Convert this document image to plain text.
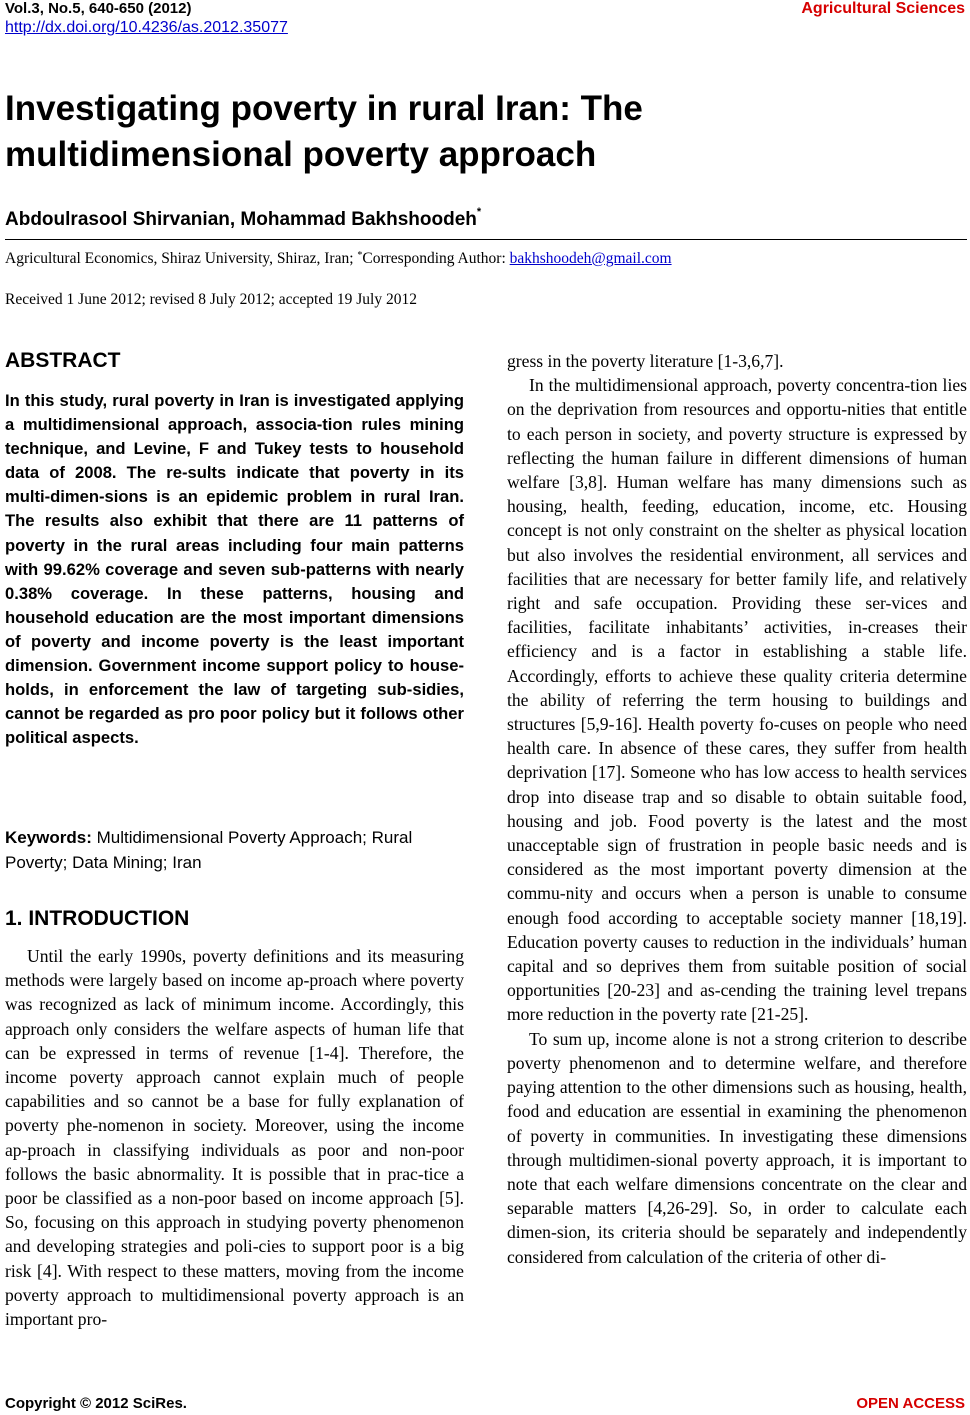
Vol.3, No.5, 640-650 (2012)
http://dx.doi.org/10.4236/as.2012.35077
Agricultural Sciences
Investigating poverty in rural Iran: The
multidimensional poverty approach
Abdoulrasool Shirvanian, Mohammad Bakhshoodeh*
Agricultural Economics, Shiraz University, Shiraz, Iran; *Corresponding Author: bakhshoodeh@gmail.com
Received 1 June 2012; revised 8 July 2012; accepted 19 July 2012
ABSTRACT
In this study, rural poverty in Iran is investigated applying a multidimensional approach, associa-tion rules mining technique, and Levine, F and Tukey tests to household data of 2008. The re-sults indicate that poverty in its multi-dimen-sions is an epidemic problem in rural Iran. The results also exhibit that there are 11 patterns of poverty in the rural areas including four main patterns with 99.62% coverage and seven sub-patterns with nearly 0.38% coverage. In these patterns, housing and household education are the most important dimensions of poverty and income poverty is the least important dimension. Government income support policy to house-holds, in enforcement the law of targeting sub-sidies, cannot be regarded as pro poor policy but it follows other political aspects.
Keywords: Multidimensional Poverty Approach; Rural Poverty; Data Mining; Iran
1. INTRODUCTION

Until the early 1990s, poverty definitions and its measuring methods were largely based on income ap-proach where poverty was recognized as lack of minimum income. Accordingly, this approach only considers the welfare aspects of human life that can be expressed in terms of revenue [1-4]. Therefore, the income poverty approach cannot explain much of people capabilities and so cannot be a base for fully explanation of poverty phe-nomenon in society. Moreover, using the income ap-proach in classifying individuals as poor and non-poor follows the basic abnormality. It is possible that in prac-tice a poor be classified as a non-poor based on income approach [5]. So, focusing on this approach in studying poverty phenomenon and developing strategies and poli-cies to support poor is a big risk [4]. With respect to these matters, moving from the income poverty approach to multidimensional poverty approach is an important pro-

gress in the poverty literature [1-3,6,7].

In the multidimensional approach, poverty concentra-tion lies on the deprivation from resources and opportu-nities that entitle to each person in society, and poverty structure is expressed by reflecting the human failure in different dimensions of human welfare [3,8]. Human welfare has many dimensions such as housing, health, feeding, education, income, etc. Housing concept is not only constraint on the shelter as physical location but also involves the residential environment, all services and facilities that are necessary for better family life, and relatively right and safe occupation. Providing these ser-vices and facilities, facilitate inhabitants’ activities, in-creases their efficiency and is a factor in establishing a stable life. Accordingly, efforts to achieve these quality criteria determine the ability of referring the term housing to buildings and structures [5,9-16]. Health poverty fo-cuses on people who need health care. In absence of these cares, they suffer from health deprivation [17]. Someone who has low access to health services drop into disease trap and so disable to obtain suitable food, housing and job. Food poverty is the latest and the most unacceptable sign of frustration in people basic needs and is considered as the most important poverty dimension at the commu-nity and occurs when a person is unable to consume enough food according to acceptable society manner [18,19]. Education poverty causes to reduction in the individuals’ human capital and so deprives them from suitable position of social opportunities [20-23] and as-cending the training level trepans more reduction in the poverty rate [21-25].

To sum up, income alone is not a strong criterion to describe poverty phenomenon and to determine welfare, and therefore paying attention to the other dimensions such as housing, health, food and education are essential in examining the phenomenon of poverty in communities. In investigating these dimensions through multidimen-sional poverty approach, it is important to note that each welfare dimensions concentrate on the clear and separable matters [4,26-29]. So, in order to calculate each dimen-sion, its criteria should be separately and independently considered from calculation of the criteria of other di-

Copyright © 2012 SciRes.	OPEN ACCESS
